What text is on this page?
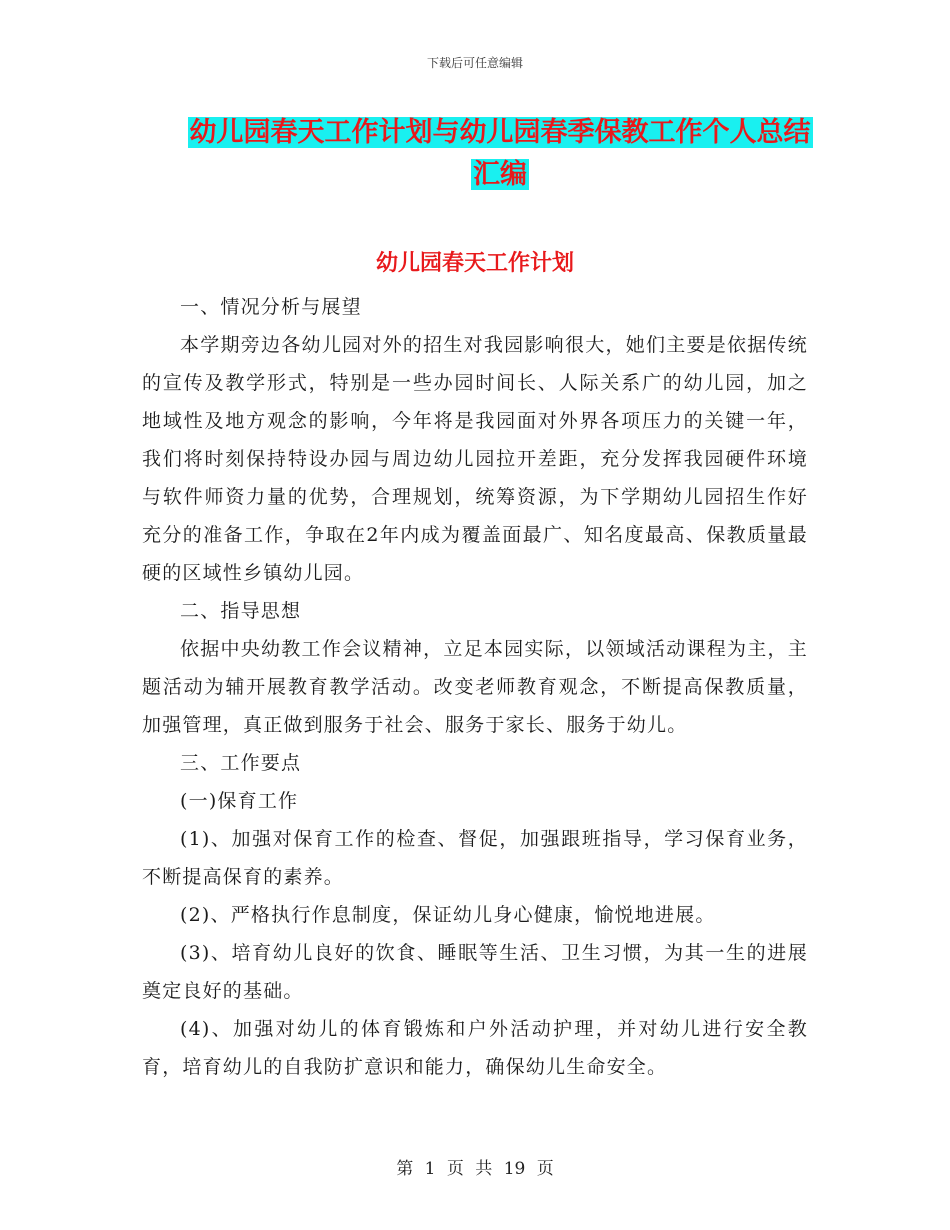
下载后可任意编辑
幼儿园春天工作计划与幼儿园春季保教工作个人总结
汇编
幼儿园春天工作计划

一、情况分析与展望

本学期旁边各幼儿园对外的招生对我园影响很大，她们主要是依据传统的宣传及教学形式，特别是一些办园时间长、人际关系广的幼儿园，加之地域性及地方观念的影响，今年将是我园面对外界各项压力的关键一年，我们将时刻保持特设办园与周边幼儿园拉开差距，充分发挥我园硬件环境与软件师资力量的优势，合理规划，统筹资源，为下学期幼儿园招生作好充分的准备工作，争取在2年内成为覆盖面最广、知名度最高、保教质量最硬的区域性乡镇幼儿园。

二、指导思想

依据中央幼教工作会议精神，立足本园实际，以领域活动课程为主，主题活动为辅开展教育教学活动。改变老师教育观念，不断提高保教质量，加强管理，真正做到服务于社会、服务于家长、服务于幼儿。

三、工作要点

(一)保育工作

(1)、加强对保育工作的检查、督促，加强跟班指导，学习保育业务，不断提高保育的素养。

(2)、严格执行作息制度，保证幼儿身心健康，愉悦地进展。

(3)、培育幼儿良好的饮食、睡眠等生活、卫生习惯，为其一生的进展奠定良好的基础。

(4)、加强对幼儿的体育锻炼和户外活动护理，并对幼儿进行安全教育，培育幼儿的自我防扩意识和能力，确保幼儿生命安全。

第 1 页 共 19 页
